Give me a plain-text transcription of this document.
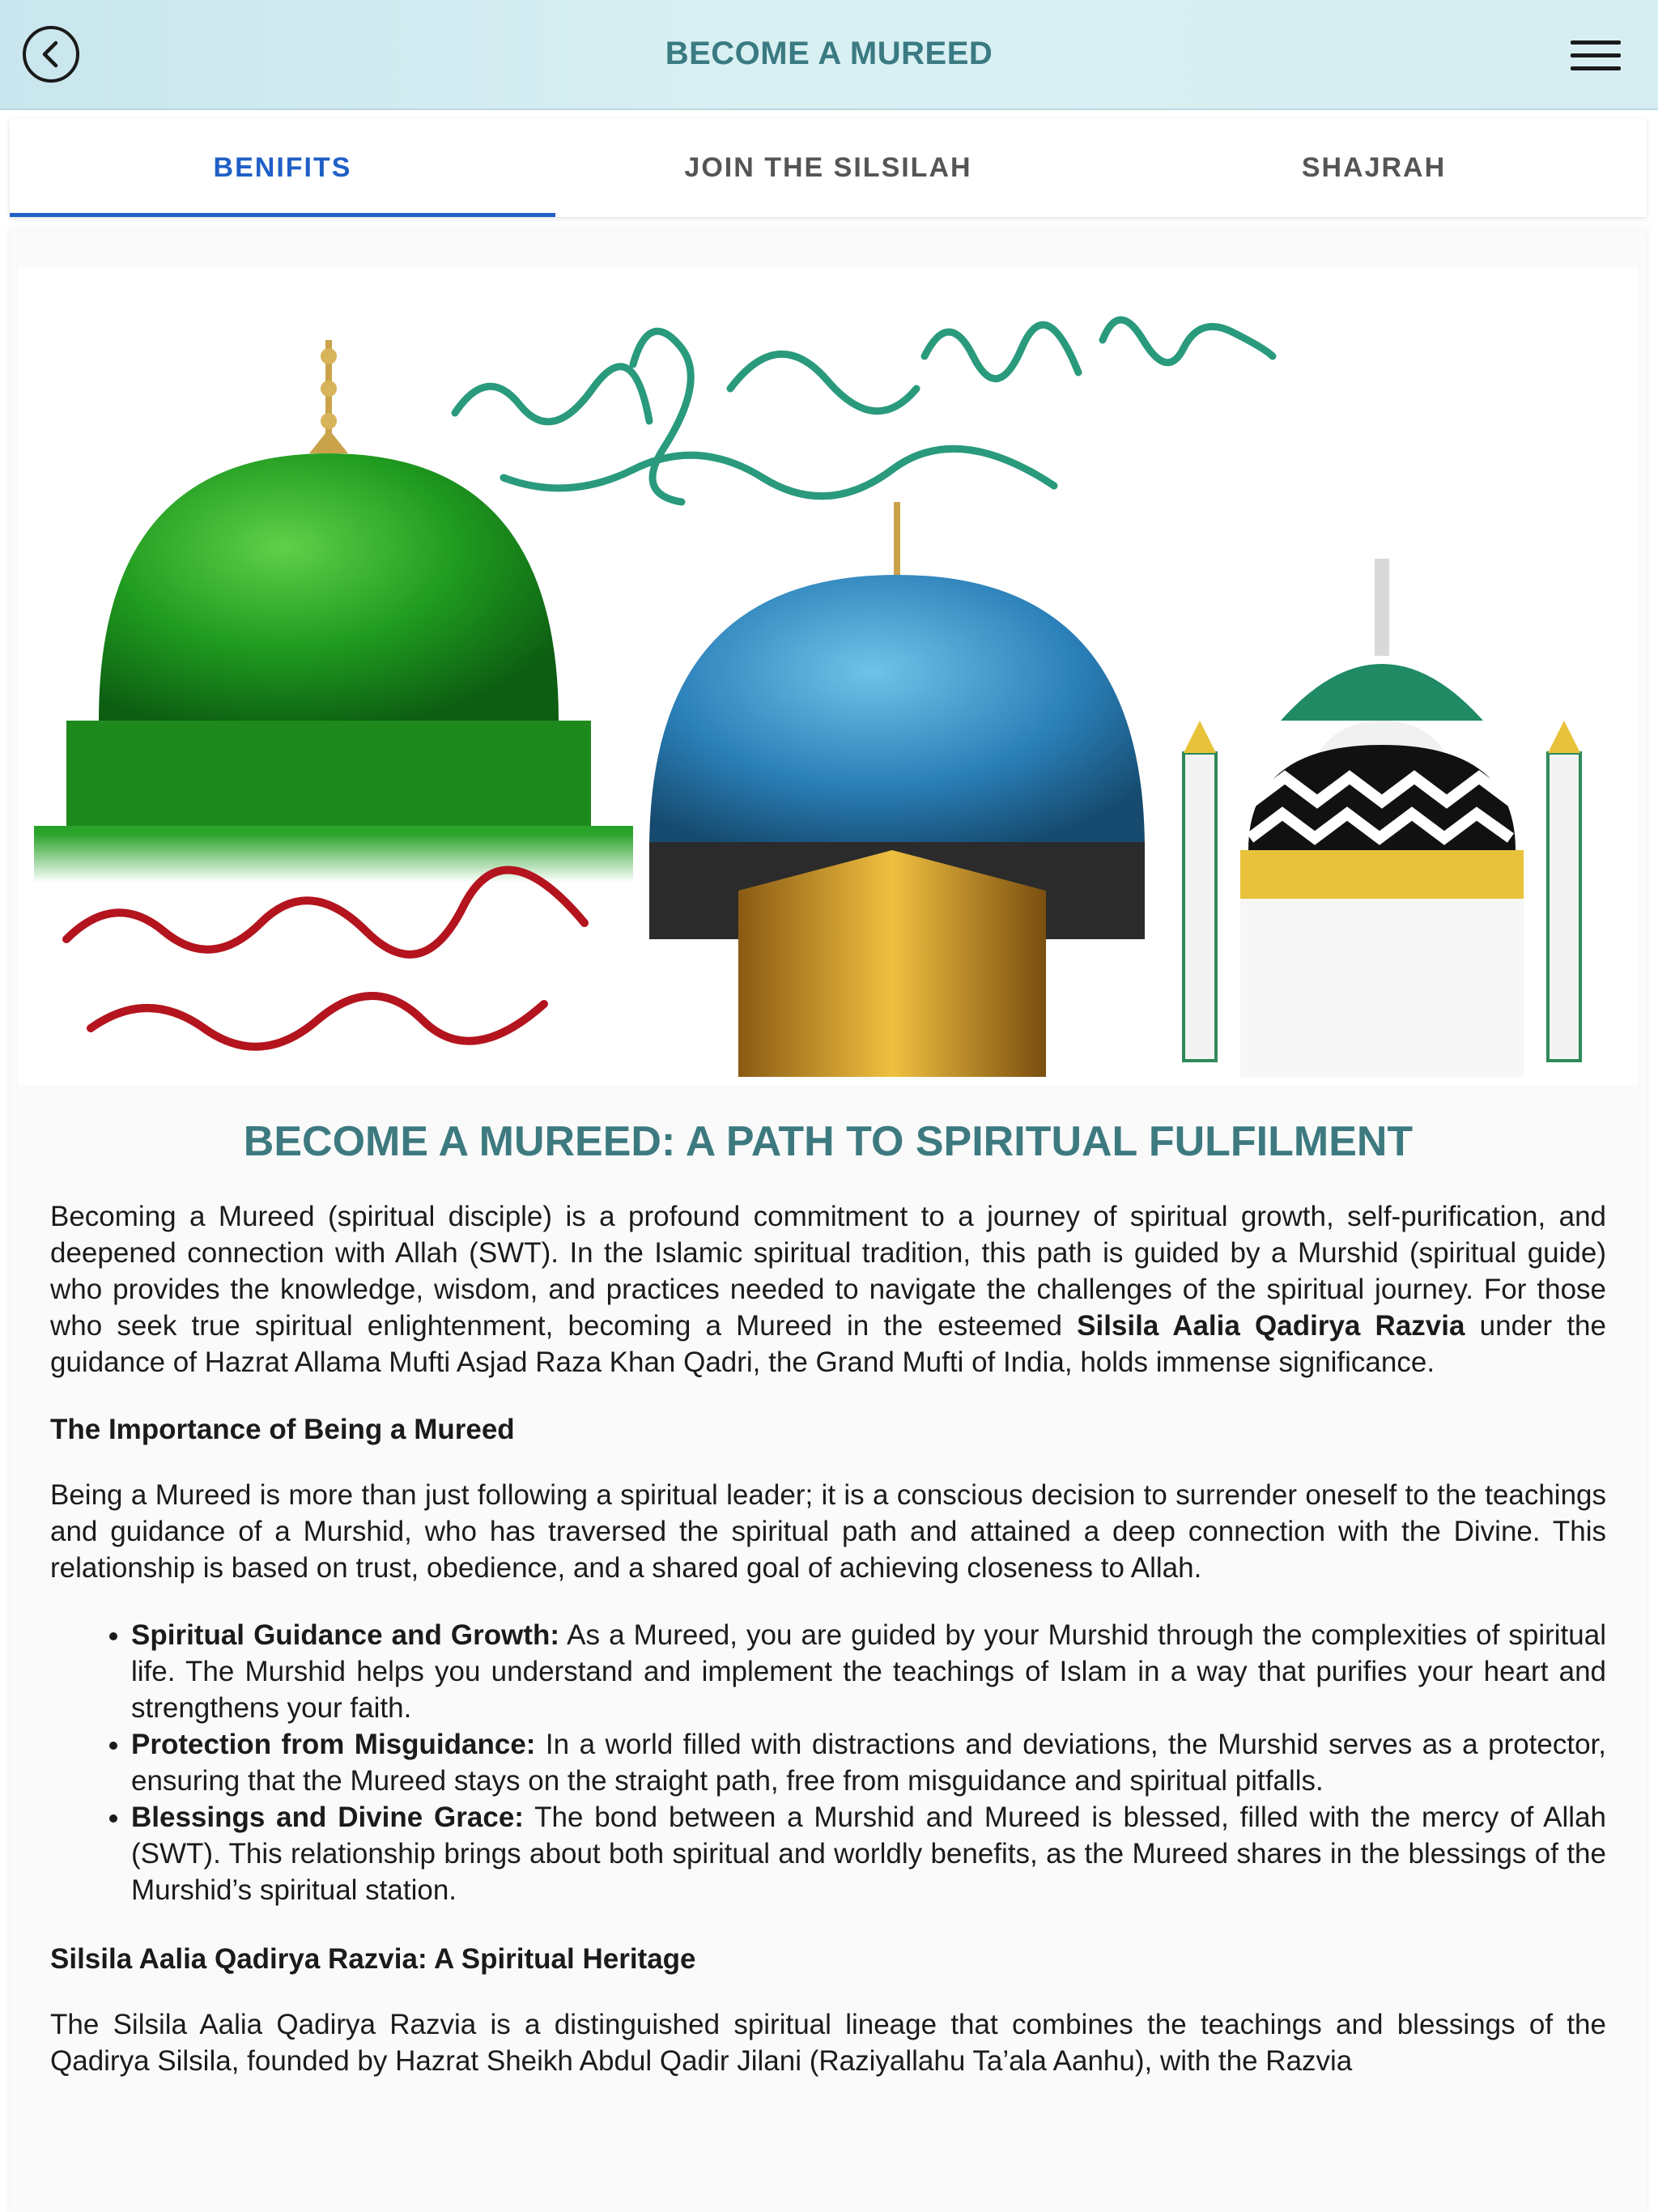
BECOME A MUREED
BENIFITS	JOIN THE SILSILAH	SHAJRAH
BECOME A MUREED: A PATH TO SPIRITUAL FULFILMENT

Becoming a Mureed (spiritual disciple) is a profound commitment to a journey of spiritual growth, self-purification, and deepened connection with Allah (SWT). In the Islamic spiritual tradition, this path is guided by a Murshid (spiritual guide) who provides the knowledge, wisdom, and practices needed to navigate the challenges of the spiritual journey. For those who seek true spiritual enlightenment, becoming a Mureed in the esteemed Silsila Aalia Qadirya Razvia under the guidance of Hazrat Allama Mufti Asjad Raza Khan Qadri, the Grand Mufti of India, holds immense significance.

The Importance of Being a Mureed

Being a Mureed is more than just following a spiritual leader; it is a conscious decision to surrender oneself to the teachings and guidance of a Murshid, who has traversed the spiritual path and attained a deep connection with the Divine. This relationship is based on trust, obedience, and a shared goal of achieving closeness to Allah.

• Spiritual Guidance and Growth: As a Mureed, you are guided by your Murshid through the complexities of spiritual life. The Murshid helps you understand and implement the teachings of Islam in a way that purifies your heart and strengthens your faith.
• Protection from Misguidance: In a world filled with distractions and deviations, the Murshid serves as a protector, ensuring that the Mureed stays on the straight path, free from misguidance and spiritual pitfalls.
• Blessings and Divine Grace: The bond between a Murshid and Mureed is blessed, filled with the mercy of Allah (SWT). This relationship brings about both spiritual and worldly benefits, as the Mureed shares in the blessings of the Murshid’s spiritual station.
Silsila Aalia Qadirya Razvia: A Spiritual Heritage

The Silsila Aalia Qadirya Razvia is a distinguished spiritual lineage that combines the teachings and blessings of the Qadirya Silsila, founded by Hazrat Sheikh Abdul Qadir Jilani (Raziyallahu Ta’ala Aanhu), with the Razvia
